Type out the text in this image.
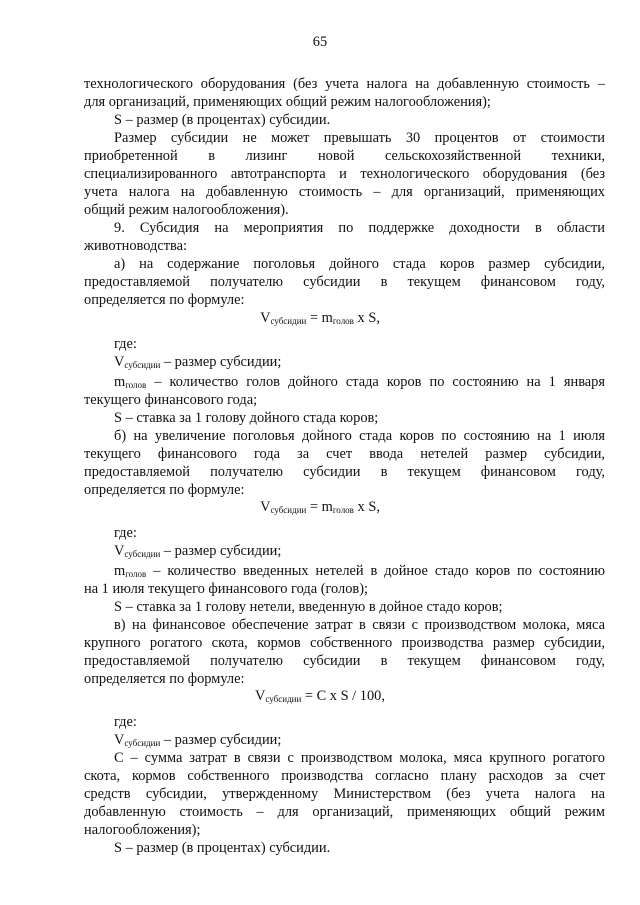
65
технологического оборудования (без учета налога на добавленную стоимость –
для организаций, применяющих общий режим налогообложения);
S – размер (в процентах) субсидии.
Размер субсидии не может превышать 30 процентов от стоимости
приобретенной в лизинг новой сельскохозяйственной техники,
специализированного автотранспорта и технологического оборудования (без
учета налога на добавленную стоимость – для организаций, применяющих
общий режим налогообложения).
9. Субсидия на мероприятия по поддержке доходности в области
животноводства:
а) на содержание поголовья дойного стада коров размер субсидии,
предоставляемой получателю субсидии в текущем финансовом году,
определяется по формуле:
где:
$m_{голов}$ – количество голов дойного стада коров по состоянию на 1 января
текущего финансового года;
S – ставка за 1 голову дойного стада коров;
б) на увеличение поголовья дойного стада коров по состоянию на 1 июля
текущего финансового года за счет ввода нетелей размер субсидии,
предоставляемой получателю субсидии в текущем финансовом году,
определяется по формуле:
где:
$m_{голов}$ – количество введенных нетелей в дойное стадо коров по состоянию
на 1 июля текущего финансового года (голов);
S – ставка за 1 голову нетели, введенную в дойное стадо коров;
в) на финансовое обеспечение затрат в связи с производством молока, мяса
крупного рогатого скота, кормов собственного производства размер субсидии,
предоставляемой получателю субсидии в текущем финансовом году,
определяется по формуле:
где:
С – сумма затрат в связи с производством молока, мяса крупного рогатого
скота, кормов собственного производства согласно плану расходов за счет
средств субсидии, утвержденному Министерством (без учета налога на
добавленную стоимость – для организаций, применяющих общий режим
налогообложения);
S – размер (в процентах) субсидии.
$V_{субсидии} = m_{голов}$ x S,
$V_{субсидии} = m_{голов}$ x S,
$V_{субсидии} = C$ x S / 100,
$V_{субсидии}$ – размер субсидии;
$V_{субсидии}$ – размер субсидии;
$V_{субсидии}$ – размер субсидии;
